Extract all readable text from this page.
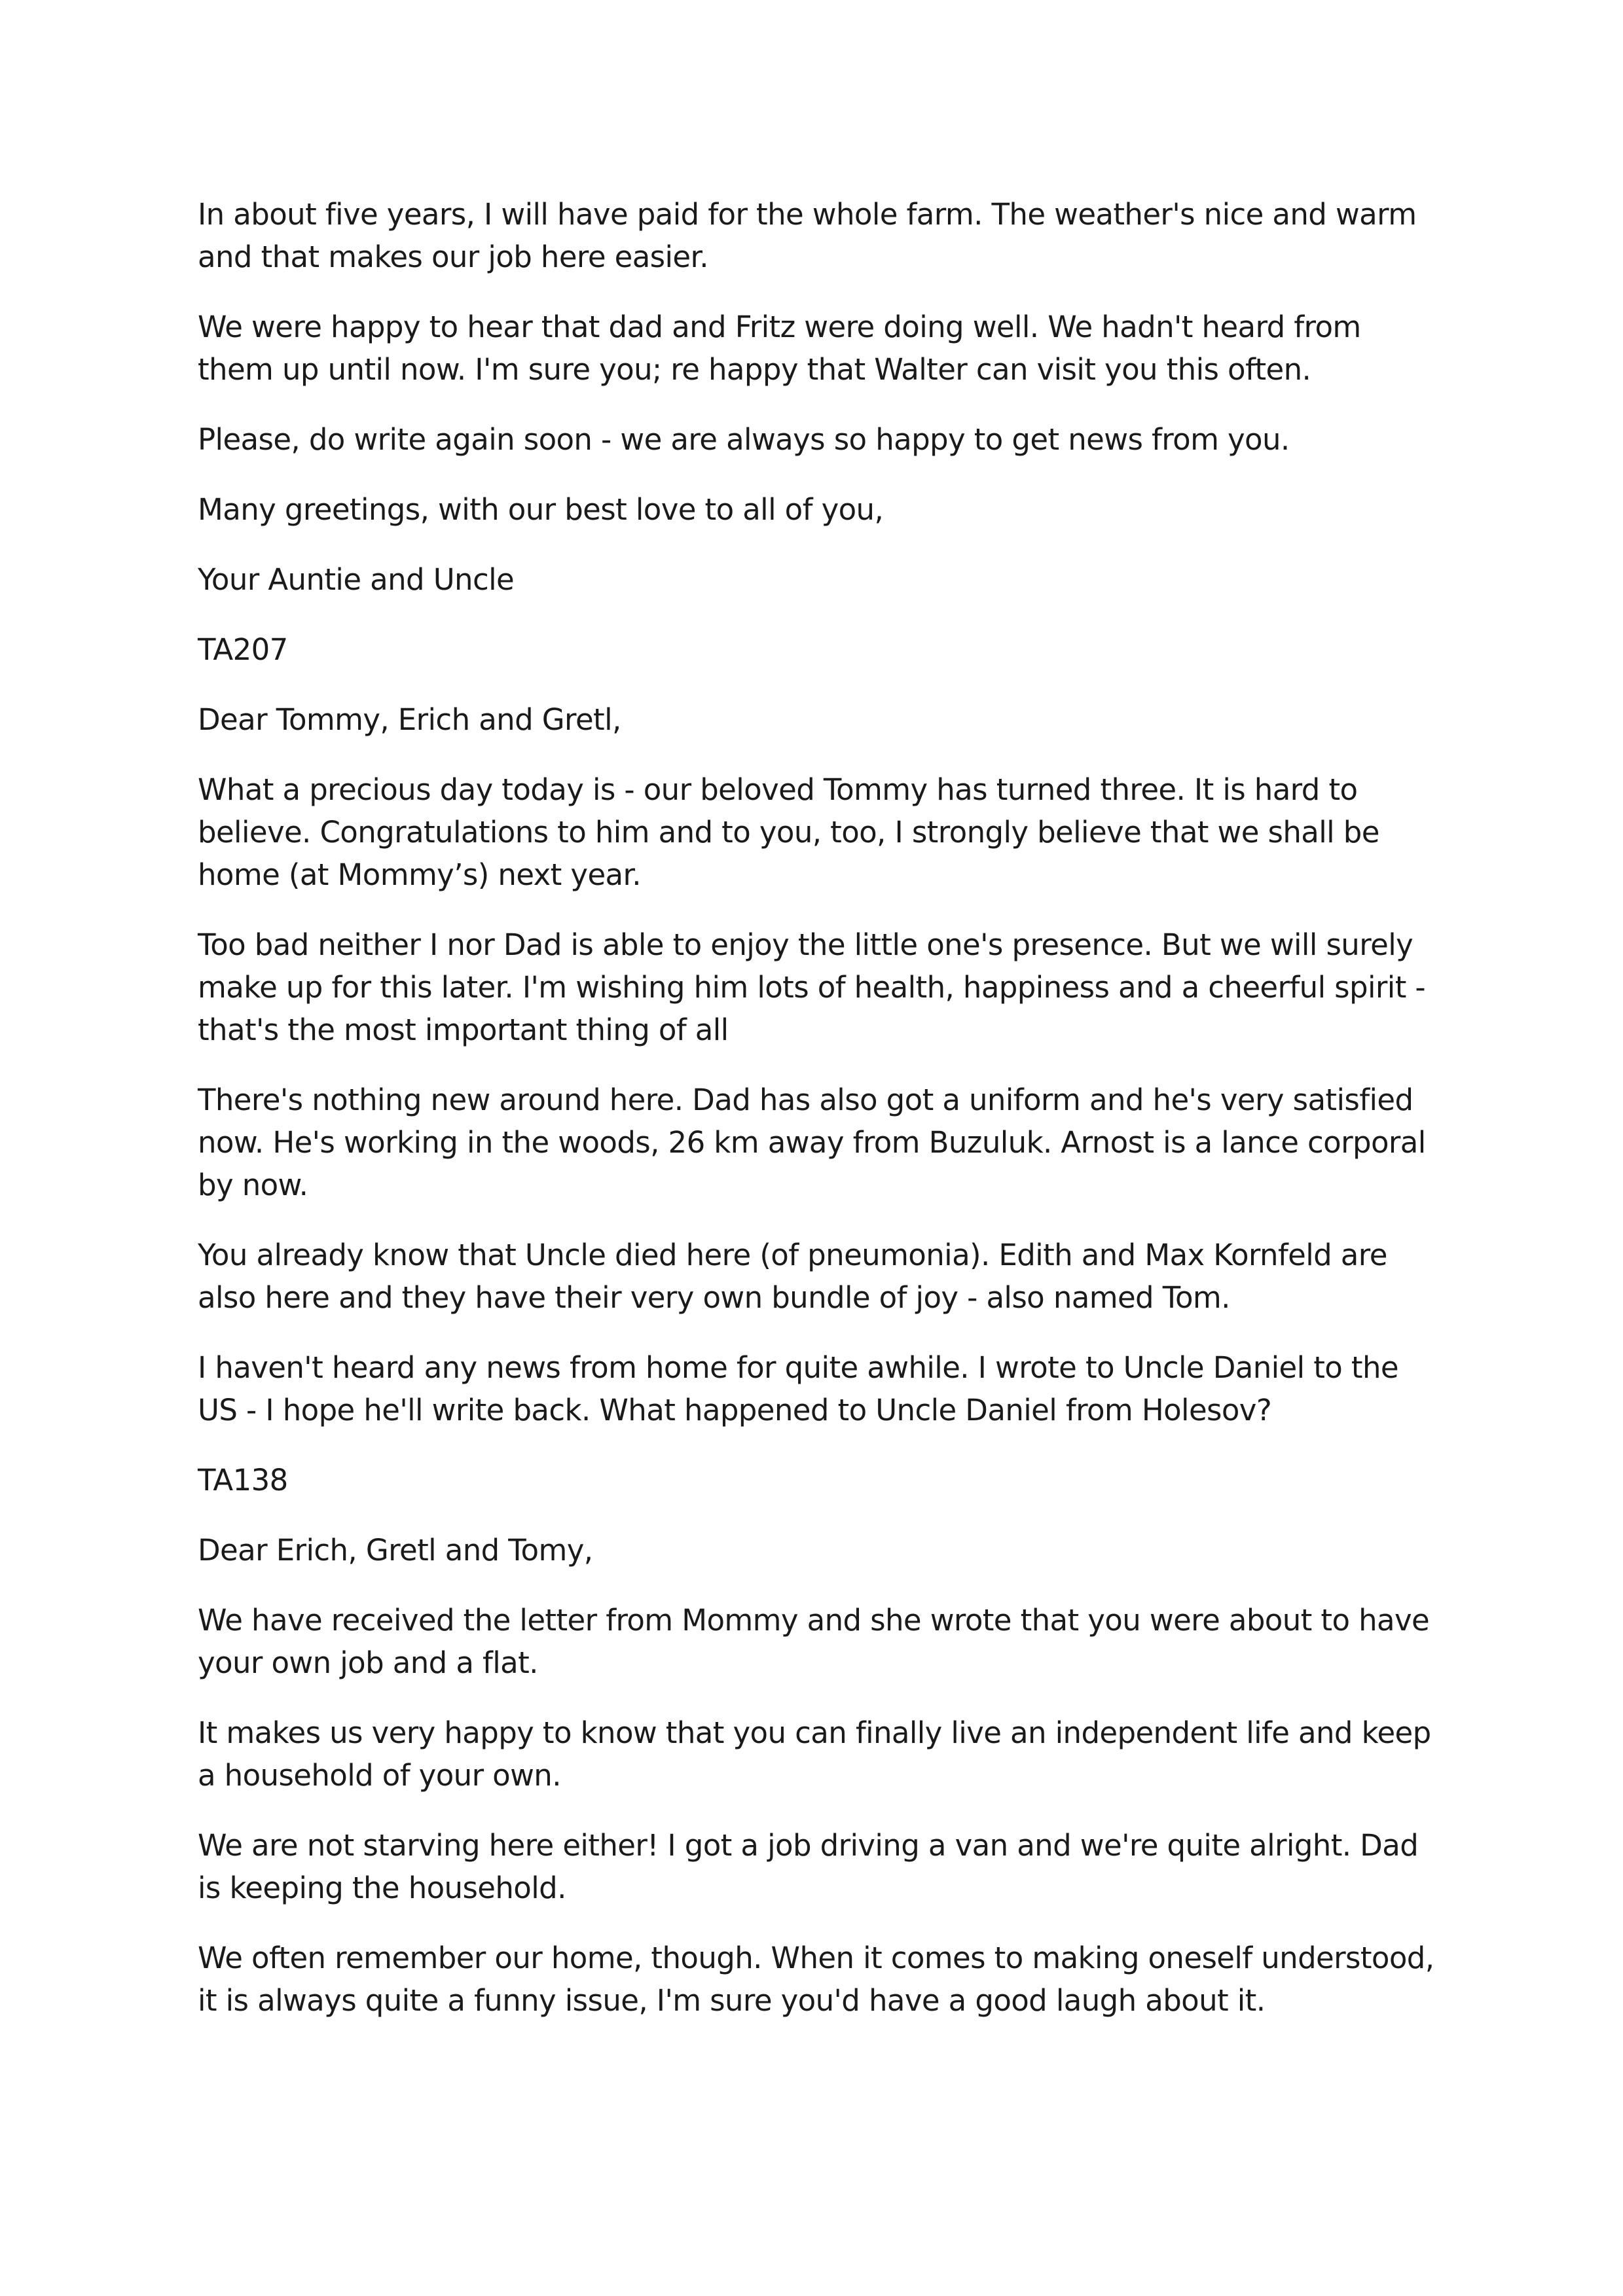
In about five years, I will have paid for the whole farm. The weather's nice and warm and that makes our job here easier.

We were happy to hear that dad and Fritz were doing well. We hadn't heard from them up until now. I'm sure you; re happy that Walter can visit you this often.

Please, do write again soon - we are always so happy to get news from you.

Many greetings, with our best love to all of you,

Your Auntie and Uncle

TA207

Dear Tommy, Erich and Gretl,

What a precious day today is - our beloved Tommy has turned three. It is hard to believe. Congratulations to him and to you, too, I strongly believe that we shall be home (at Mommy’s) next year.

Too bad neither I nor Dad is able to enjoy the little one's presence. But we will surely make up for this later. I'm wishing him lots of health, happiness and a cheerful spirit - that's the most important thing of all

There's nothing new around here. Dad has also got a uniform and he's very satisfied now. He's working in the woods, 26 km away from Buzuluk. Arnost is a lance corporal by now.

You already know that Uncle died here (of pneumonia). Edith and Max Kornfeld are also here and they have their very own bundle of joy - also named Tom.

I haven't heard any news from home for quite awhile. I wrote to Uncle Daniel to the US - I hope he'll write back. What happened to Uncle Daniel from Holesov?

TA138

Dear Erich, Gretl and Tomy,

We have received the letter from Mommy and she wrote that you were about to have your own job and a flat.

It makes us very happy to know that you can finally live an independent life and keep a household of your own.

We are not starving here either! I got a job driving a van and we're quite alright. Dad is keeping the household.

We often remember our home, though. When it comes to making oneself understood, it is always quite a funny issue, I'm sure you'd have a good laugh about it.
